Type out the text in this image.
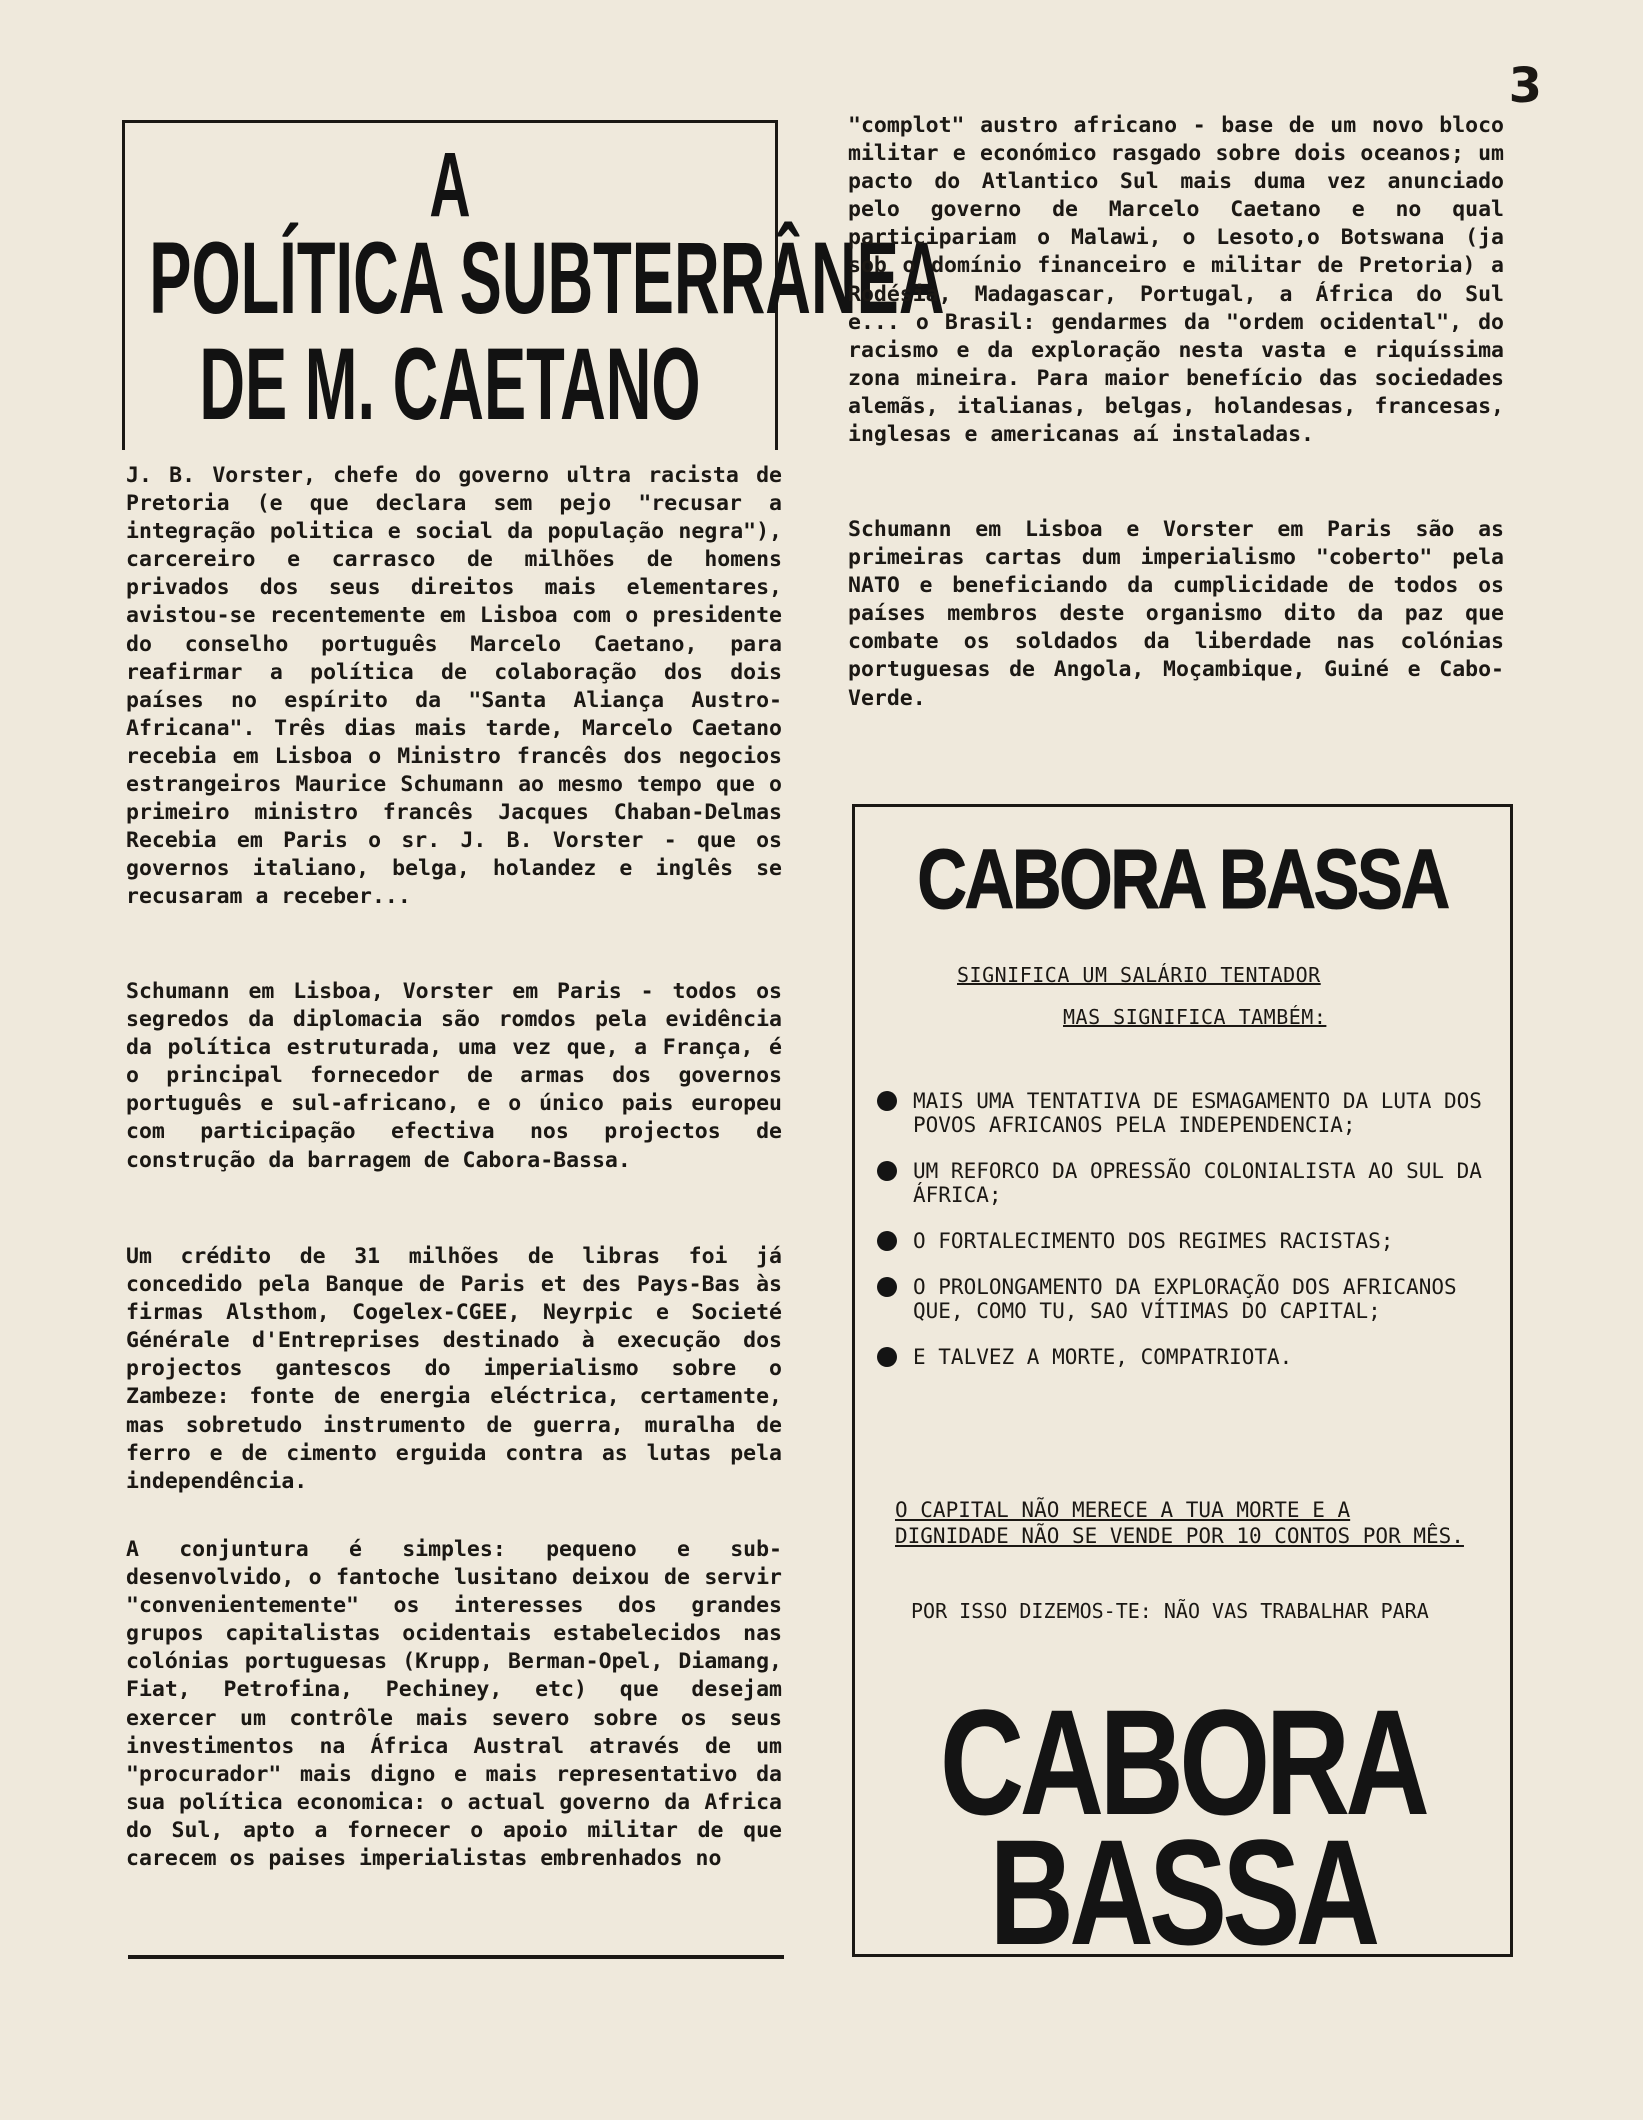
3
A
POLÍTICA SUBTERRÂNEA
DE M. CAETANO

J. B. Vorster, chefe do governo ultra racista de Pretoria (e que declara sem pejo "recusar a integração politica e social da população negra"), carcereiro e carrasco de milhões de homens privados dos seus direitos mais elementares, avistou-se recentemente em Lisboa com o presidente do conselho português Marcelo Caetano, para reafirmar a política de colaboração dos dois países no espírito da "Santa Aliança Austro-Africana". Três dias mais tarde, Marcelo Caetano recebia em Lisboa o Ministro francês dos negocios estrangeiros Maurice Schumann ao mesmo tempo que o primeiro ministro francês Jacques Chaban-Delmas Recebia em Paris o sr. J. B. Vorster - que os governos italiano, belga, holandez e inglês se recusaram a receber...

Schumann em Lisboa, Vorster em Paris - todos os segredos da diplomacia são romdos pela evidência da política estruturada, uma vez que, a França, é o principal fornecedor de armas dos governos português e sul-africano, e o único pais europeu com participação efectiva nos projectos de construção da barragem de Cabora-Bassa.

Um crédito de 31 milhões de libras foi já concedido pela Banque de Paris et des Pays-Bas às firmas Alsthom, Cogelex-CGEE, Neyrpic e Societé Générale d'Entreprises destinado à execução dos projectos gantescos do imperialismo sobre o Zambeze: fonte de energia eléctrica, certamente, mas sobretudo instrumento de guerra, muralha de ferro e de cimento erguida contra as lutas pela independência.

A conjuntura é simples: pequeno e sub-desenvolvido, o fantoche lusitano deixou de servir "convenientemente" os interesses dos grandes grupos capitalistas ocidentais estabelecidos nas colónias portuguesas (Krupp, Berman-Opel, Diamang, Fiat, Petrofina, Pechiney, etc) que desejam exercer um contrôle mais severo sobre os seus investimentos na África Austral através de um "procurador" mais digno e mais representativo da sua política economica: o actual governo da Africa do Sul, apto a fornecer o apoio militar de que carecem os paises imperialistas embrenhados no

"complot" austro africano - base de um novo bloco militar e económico rasgado sobre dois oceanos; um pacto do Atlantico Sul mais duma vez anunciado pelo governo de Marcelo Caetano e no qual participariam o Malawi, o Lesoto,o Botswana (ja sob o domínio financeiro e militar de Pretoria) a Rodésia, Madagascar, Portugal, a África do Sul e... o Brasil: gendarmes da "ordem ocidental", do racismo e da exploração nesta vasta e riquíssima zona mineira. Para maior benefício das sociedades alemãs, italianas, belgas, holandesas, francesas, inglesas e americanas aí instaladas.

Schumann em Lisboa e Vorster em Paris são as primeiras cartas dum imperialismo "coberto" pela NATO e beneficiando da cumplicidade de todos os países membros deste organismo dito da paz que combate os soldados da liberdade nas colónias portuguesas de Angola, Moçambique, Guiné e Cabo-Verde.

CABORA BASSA
SIGNIFICA UM SALÁRIO TENTADOR
MAS SIGNIFICA TAMBÉM:
MAIS UMA TENTATIVA DE ESMAGAMENTO DA LUTA DOS POVOS AFRICANOS PELA INDEPENDENCIA;
UM REFORCO DA OPRESSÃO COLONIALISTA AO SUL DA ÁFRICA;
O FORTALECIMENTO DOS REGIMES RACISTAS;
O PROLONGAMENTO DA EXPLORAÇÃO DOS AFRICANOS QUE, COMO TU, SAO VÍTIMAS DO CAPITAL;
E TALVEZ A MORTE, COMPATRIOTA.

O CAPITAL NÃO MERECE A TUA MORTE E A DIGNIDADE NÃO SE VENDE POR 10 CONTOS POR MÊS.

POR ISSO DIZEMOS-TE: NÃO VAS TRABALHAR PARA

CABORA

BASSA
